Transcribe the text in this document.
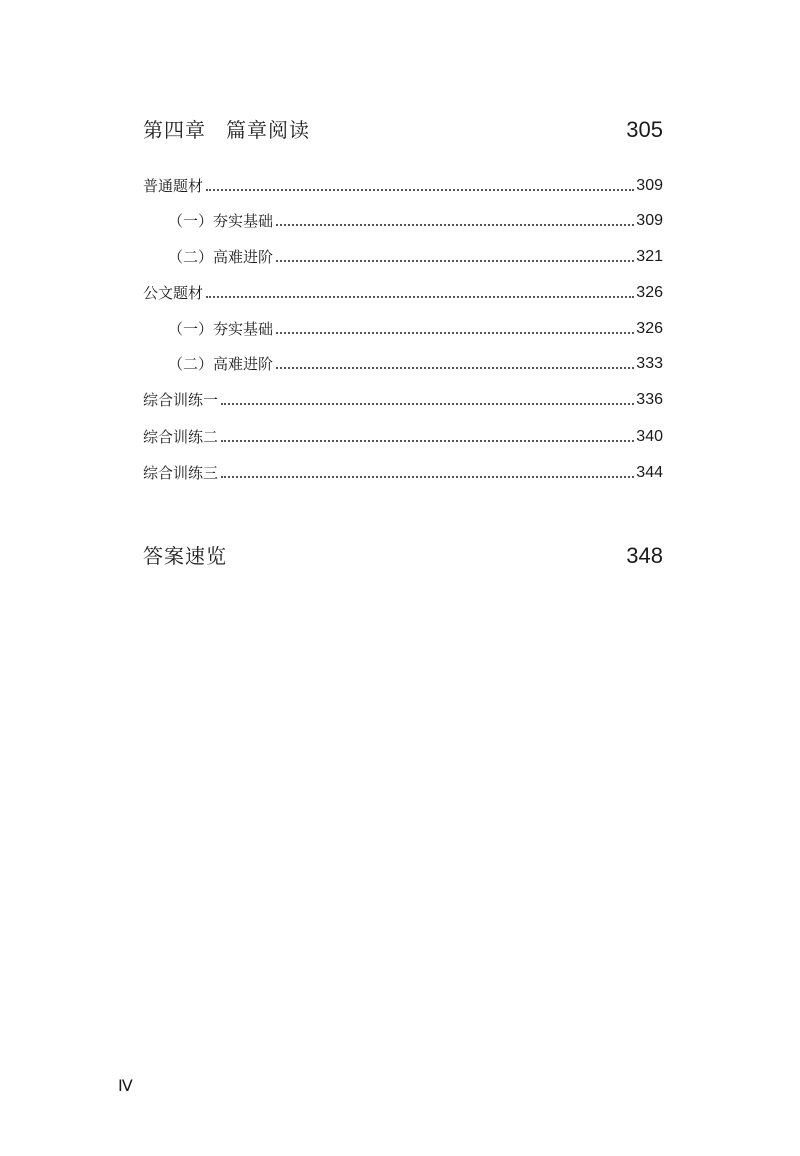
第四章 篇章阅读	305
普通题材	309
（一）夯实基础	309
（二）高难进阶	321
公文题材	326
（一）夯实基础	326
（二）高难进阶	333
综合训练一	336
综合训练二	340
综合训练三	344
答案速览	348
Ⅳ
